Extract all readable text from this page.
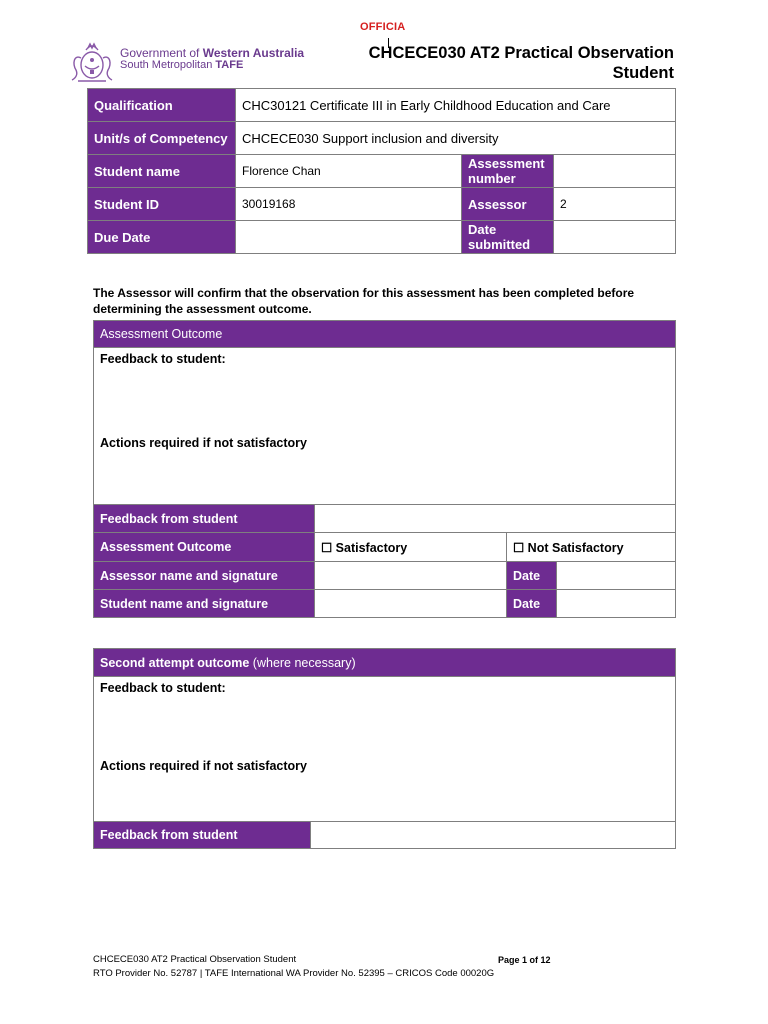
OFFICIA
Government of Western Australia
South Metropolitan TAFE
CHCECE030 AT2 Practical Observation
Student
Qualification	CHC30121 Certificate III in Early Childhood Education and Care		
Unit/s of Competency	CHCECE030 Support inclusion and diversity		
Student name	Florence Chan	Assessment number	
Student ID	30019168	Assessor	2
Due Date		Date submitted	
The Assessor will confirm that the observation for this assessment has been completed before determining the assessment outcome.
Assessment Outcome			

Feedback to student:
Actions required if not satisfactory			

Feedback from student			
Assessment Outcome	☐ Satisfactory	☐ Not Satisfactory	
Assessor name and signature		Date	
Student name and signature		Date	
Second attempt outcome (where necessary)

Feedback to student:
Actions required if not satisfactory

Feedback from student	
CHCECE030 AT2 Practical Observation Student	Page 1 of 12
RTO Provider No. 52787 | TAFE International WA Provider No. 52395 – CRICOS Code 00020G
